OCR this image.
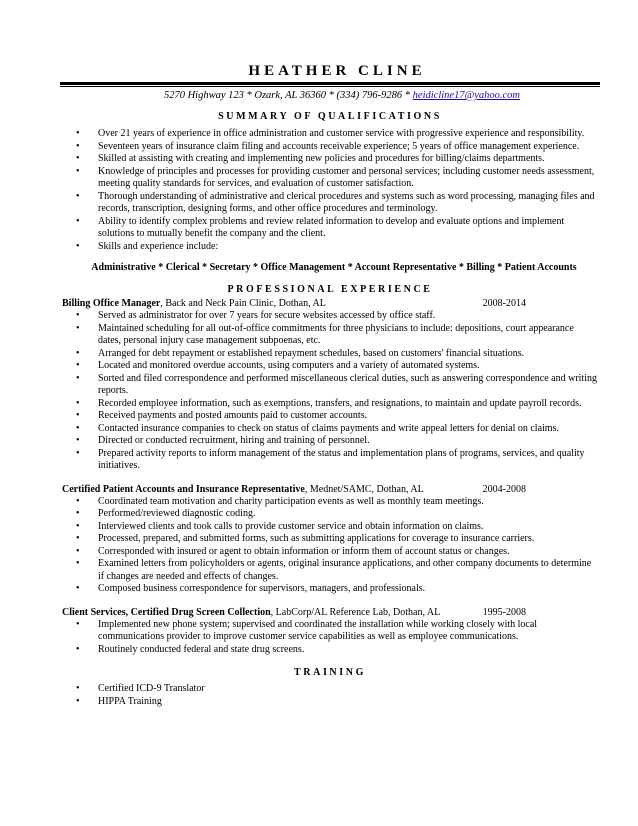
HEATHER CLINE
5270 Highway 123 * Ozark, AL 36360 * (334) 796-9286 * heidicline17@yahoo.com
SUMMARY OF QUALIFICATIONS
• Over 21 years of experience in office administration and customer service with progressive experience and responsibility.
• Seventeen years of insurance claim filing and accounts receivable experience; 5 years of office management experience.
• Skilled at assisting with creating and implementing new policies and procedures for billing/claims departments.
• Knowledge of principles and processes for providing customer and personal services; including customer needs assessment, meeting quality standards for services, and evaluation of customer satisfaction.
• Thorough understanding of administrative and clerical procedures and systems such as word processing, managing files and records, transcription, designing forms, and other office procedures and terminology.
• Ability to identify complex problems and review related information to develop and evaluate options and implement solutions to mutually benefit the company and the client.
• Skills and experience include:
Administrative * Clerical * Secretary * Office Management * Account Representative * Billing * Patient Accounts
PROFESSIONAL EXPERIENCE
Billing Office Manager, Back and Neck Pain Clinic, Dothan, AL	2008-2014
• Served as administrator for over 7 years for secure websites accessed by office staff.
• Maintained scheduling for all out-of-office commitments for three physicians to include: depositions, court appearance dates, personal injury case management subpoenas, etc.
• Arranged for debt repayment or established repayment schedules, based on customers' financial situations.
• Located and monitored overdue accounts, using computers and a variety of automated systems.
• Sorted and filed correspondence and performed miscellaneous clerical duties, such as answering correspondence and writing reports.
• Recorded employee information, such as exemptions, transfers, and resignations, to maintain and update payroll records.
• Received payments and posted amounts paid to customer accounts.
• Contacted insurance companies to check on status of claims payments and write appeal letters for denial on claims.
• Directed or conducted recruitment, hiring and training of personnel.
• Prepared activity reports to inform management of the status and implementation plans of programs, services, and quality initiatives.
Certified Patient Accounts and Insurance Representative, Mednet/SAMC, Dothan, AL	2004-2008
• Coordinated team motivation and charity participation events as well as monthly team meetings.
• Performed/reviewed diagnostic coding.
• Interviewed clients and took calls to provide customer service and obtain information on claims.
• Processed, prepared, and submitted forms, such as submitting applications for coverage to insurance carriers.
• Corresponded with insured or agent to obtain information or inform them of account status or changes.
• Examined letters from policyholders or agents, original insurance applications, and other company documents to determine if changes are needed and effects of changes.
• Composed business correspondence for supervisors, managers, and professionals.
Client Services, Certified Drug Screen Collection, LabCorp/AL Reference Lab, Dothan, AL	1995-2008
• Implemented new phone system; supervised and coordinated the installation while working closely with local communications provider to improve customer service capabilities as well as employee communications.
• Routinely conducted federal and state drug screens.
TRAINING
• Certified ICD-9 Translator
• HIPPA Training
